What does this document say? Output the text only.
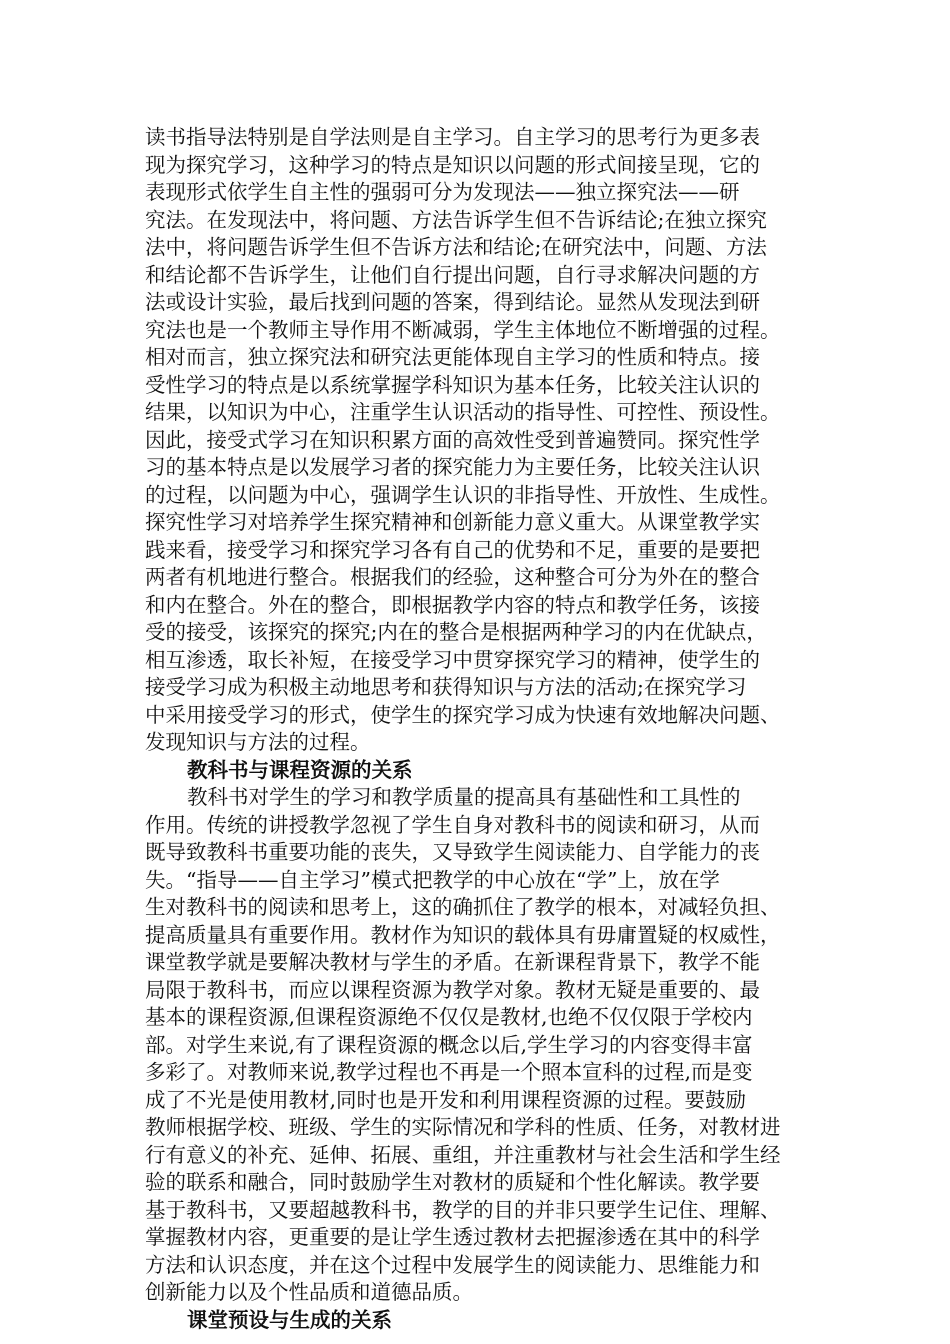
读书指导法特别是自学法则是自主学习。自主学习的思考行为更多表
现为探究学习，这种学习的特点是知识以问题的形式间接呈现，它的
表现形式依学生自主性的强弱可分为发现法——独立探究法——研
究法。在发现法中，将问题、方法告诉学生但不告诉结论;在独立探究
法中，将问题告诉学生但不告诉方法和结论;在研究法中，问题、方法
和结论都不告诉学生，让他们自行提出问题，自行寻求解决问题的方
法或设计实验，最后找到问题的答案，得到结论。显然从发现法到研
究法也是一个教师主导作用不断减弱，学生主体地位不断增强的过程。
相对而言，独立探究法和研究法更能体现自主学习的性质和特点。接
受性学习的特点是以系统掌握学科知识为基本任务，比较关注认识的
结果，以知识为中心，注重学生认识活动的指导性、可控性、预设性。
因此，接受式学习在知识积累方面的高效性受到普遍赞同。探究性学
习的基本特点是以发展学习者的探究能力为主要任务，比较关注认识
的过程，以问题为中心，强调学生认识的非指导性、开放性、生成性。
探究性学习对培养学生探究精神和创新能力意义重大。从课堂教学实
践来看，接受学习和探究学习各有自己的优势和不足，重要的是要把
两者有机地进行整合。根据我们的经验，这种整合可分为外在的整合
和内在整合。外在的整合，即根据教学内容的特点和教学任务，该接
受的接受，该探究的探究;内在的整合是根据两种学习的内在优缺点，
相互渗透，取长补短，在接受学习中贯穿探究学习的精神，使学生的
接受学习成为积极主动地思考和获得知识与方法的活动;在探究学习
中采用接受学习的形式，使学生的探究学习成为快速有效地解决问题、
发现知识与方法的过程。
教科书与课程资源的关系
教科书对学生的学习和教学质量的提高具有基础性和工具性的
作用。传统的讲授教学忽视了学生自身对教科书的阅读和研习，从而
既导致教科书重要功能的丧失，又导致学生阅读能力、自学能力的丧
失。“指导——自主学习”模式把教学的中心放在“学”上，放在学
生对教科书的阅读和思考上，这的确抓住了教学的根本，对减轻负担、
提高质量具有重要作用。教材作为知识的载体具有毋庸置疑的权威性，
课堂教学就是要解决教材与学生的矛盾。在新课程背景下，教学不能
局限于教科书，而应以课程资源为教学对象。教材无疑是重要的、最
基本的课程资源,但课程资源绝不仅仅是教材,也绝不仅仅限于学校内
部。对学生来说,有了课程资源的概念以后,学生学习的内容变得丰富
多彩了。对教师来说,教学过程也不再是一个照本宣科的过程,而是变
成了不光是使用教材,同时也是开发和利用课程资源的过程。要鼓励
教师根据学校、班级、学生的实际情况和学科的性质、任务，对教材进
行有意义的补充、延伸、拓展、重组，并注重教材与社会生活和学生经
验的联系和融合，同时鼓励学生对教材的质疑和个性化解读。教学要
基于教科书，又要超越教科书，教学的目的并非只要学生记住、理解、
掌握教材内容，更重要的是让学生透过教材去把握渗透在其中的科学
方法和认识态度，并在这个过程中发展学生的阅读能力、思维能力和
创新能力以及个性品质和道德品质。
课堂预设与生成的关系
